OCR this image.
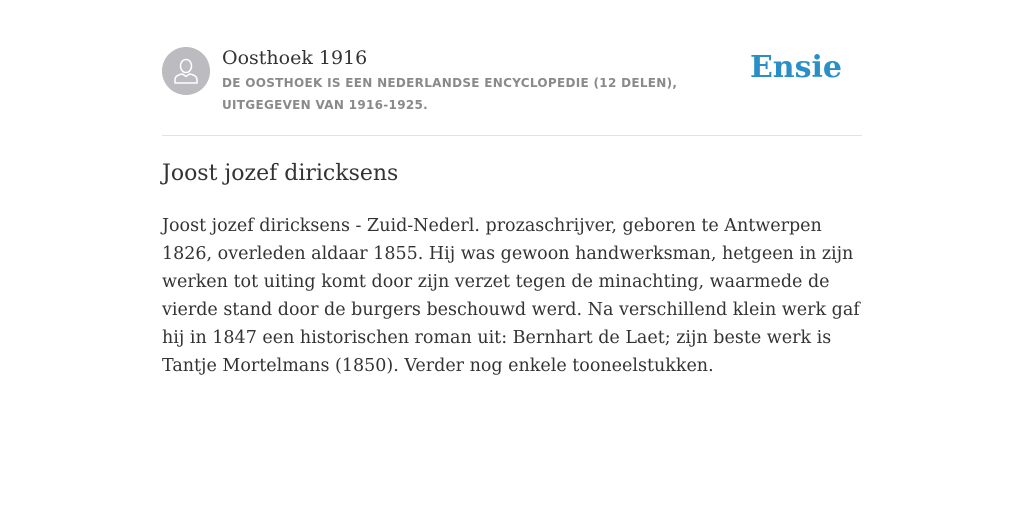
Oosthoek 1916
DE OOSTHOEK IS EEN NEDERLANDSE ENCYCLOPEDIE (12 DELEN), UITGEGEVEN VAN 1916-1925.
Ensie
Joost jozef diricksens

Joost jozef diricksens - Zuid-Nederl. prozaschrijver, geboren te Antwerpen 1826, overleden aldaar 1855. Hij was gewoon handwerksman, hetgeen in zijn werken tot uiting komt door zijn verzet tegen de minachting, waarmede de vierde stand door de burgers beschouwd werd. Na verschillend klein werk gaf hij in 1847 een historischen roman uit: Bernhart de Laet; zijn beste werk is Tantje Mortelmans (1850). Verder nog enkele tooneelstukken.
